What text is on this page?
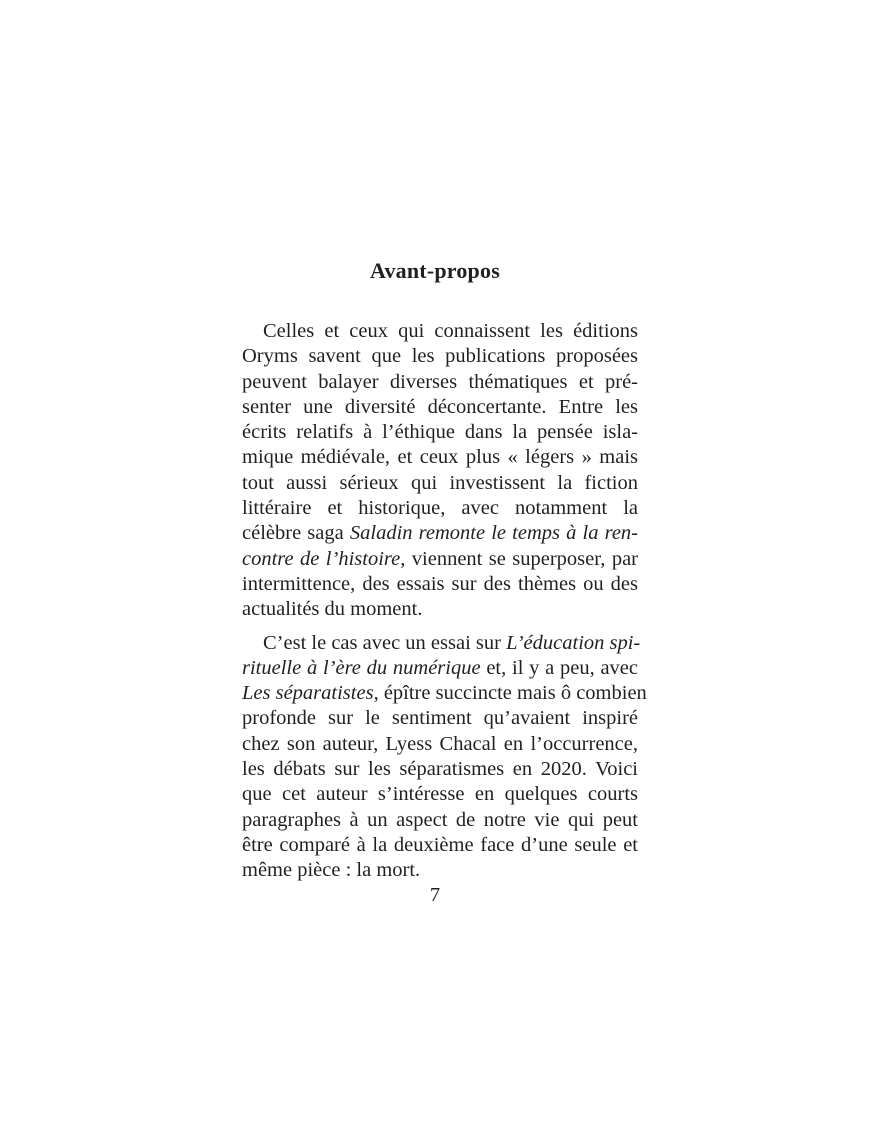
Avant-propos
Celles et ceux qui connaissent les éditions
Oryms savent que les publications proposées
peuvent balayer diverses thématiques et pré-
senter une diversité déconcertante. Entre les
écrits relatifs à l’éthique dans la pensée isla-
mique médiévale, et ceux plus « légers » mais
tout aussi sérieux qui investissent la fiction
littéraire et historique, avec notamment la
célèbre saga Saladin remonte le temps à la ren-
contre de l’histoire, viennent se superposer, par
intermittence, des essais sur des thèmes ou des
actualités du moment.
C’est le cas avec un essai sur L’éducation spi-
rituelle à l’ère du numérique et, il y a peu, avec
Les séparatistes, épître succincte mais ô combien
profonde sur le sentiment qu’avaient inspiré
chez son auteur, Lyess Chacal en l’occurrence,
les débats sur les séparatismes en 2020. Voici
que cet auteur s’intéresse en quelques courts
paragraphes à un aspect de notre vie qui peut
être comparé à la deuxième face d’une seule et
même pièce : la mort.
7
